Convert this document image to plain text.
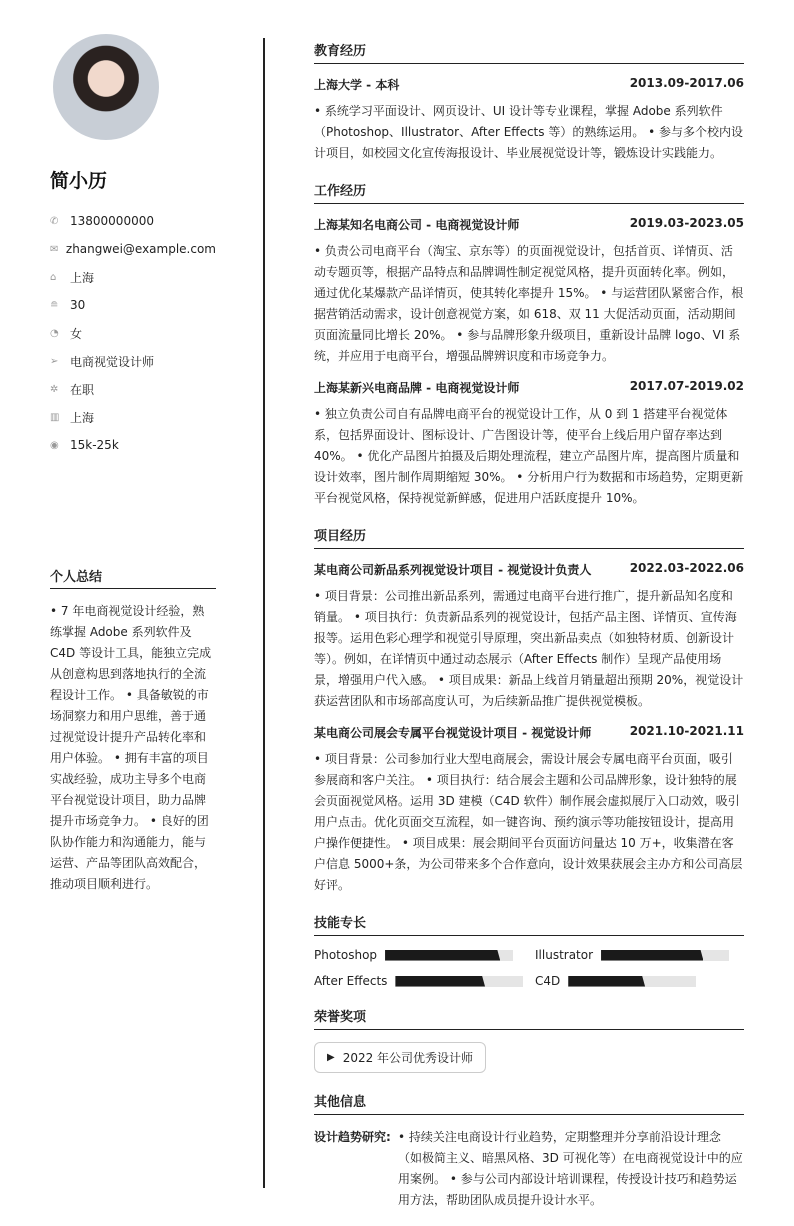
简小历
✆ 13800000000
✉ zhangwei@example.com
⌂	上海
≘ 30
◔ 女
➢ 电商视觉设计师
✲ 在职
▥ 上海
◉ 15k-25k
个人总结
• 7 年电商视觉设计经验，熟练掌握 Adobe 系列软件及 C4D 等设计工具，能独立完成从创意构思到落地执行的全流程设计工作。 • 具备敏锐的市场洞察力和用户思维，善于通过视觉设计提升产品转化率和用户体验。 • 拥有丰富的项目实战经验，成功主导多个电商平台视觉设计项目，助力品牌提升市场竞争力。 • 良好的团队协作能力和沟通能力，能与运营、产品等团队高效配合，推动项目顺利进行。
教育经历
上海大学 - 本科	2013.09-2017.06
• 系统学习平面设计、网页设计、UI 设计等专业课程，掌握 Adobe 系列软件（Photoshop、Illustrator、After Effects 等）的熟练运用。 • 参与多个校内设计项目，如校园文化宣传海报设计、毕业展视觉设计等，锻炼设计实践能力。
工作经历
上海某知名电商公司 - 电商视觉设计师	2019.03-2023.05
• 负责公司电商平台（淘宝、京东等）的页面视觉设计，包括首页、详情页、活动专题页等，根据产品特点和品牌调性制定视觉风格，提升页面转化率。例如，通过优化某爆款产品详情页，使其转化率提升 15%。 • 与运营团队紧密合作，根据营销活动需求，设计创意视觉方案，如 618、双 11 大促活动页面，活动期间页面流量同比增长 20%。 • 参与品牌形象升级项目，重新设计品牌 logo、VI 系统，并应用于电商平台，增强品牌辨识度和市场竞争力。
上海某新兴电商品牌 - 电商视觉设计师	2017.07-2019.02
• 独立负责公司自有品牌电商平台的视觉设计工作，从 0 到 1 搭建平台视觉体系，包括界面设计、图标设计、广告图设计等，使平台上线后用户留存率达到 40%。 • 优化产品图片拍摄及后期处理流程，建立产品图片库，提高图片质量和设计效率，图片制作周期缩短 30%。 • 分析用户行为数据和市场趋势，定期更新平台视觉风格，保持视觉新鲜感，促进用户活跃度提升 10%。
项目经历
某电商公司新品系列视觉设计项目 - 视觉设计负责人	2022.03-2022.06
• 项目背景：公司推出新品系列，需通过电商平台进行推广，提升新品知名度和销量。 • 项目执行：负责新品系列的视觉设计，包括产品主图、详情页、宣传海报等。运用色彩心理学和视觉引导原理，突出新品卖点（如独特材质、创新设计等）。例如，在详情页中通过动态展示（After Effects 制作）呈现产品使用场景，增强用户代入感。 • 项目成果：新品上线首月销量超出预期 20%，视觉设计获运营团队和市场部高度认可，为后续新品推广提供视觉模板。
某电商公司展会专属平台视觉设计项目 - 视觉设计师	2021.10-2021.11
• 项目背景：公司参加行业大型电商展会，需设计展会专属电商平台页面，吸引参展商和客户关注。 • 项目执行：结合展会主题和公司品牌形象，设计独特的展会页面视觉风格。运用 3D 建模（C4D 软件）制作展会虚拟展厅入口动效，吸引用户点击。优化页面交互流程，如一键咨询、预约演示等功能按钮设计，提高用户操作便捷性。 • 项目成果：展会期间平台页面访问量达 10 万+，收集潜在客户信息 5000+条，为公司带来多个合作意向，设计效果获展会主办方和公司高层好评。
技能专长
Photoshop	Illustrator
After Effects	C4D
荣誉奖项
▶ 2022 年公司优秀设计师
其他信息
设计趋势研究: • 持续关注电商设计行业趋势，定期整理并分享前沿设计理念（如极简主义、暗黑风格、3D 可视化等）在电商视觉设计中的应用案例。 • 参与公司内部设计培训课程，传授设计技巧和趋势运用方法，帮助团队成员提升设计水平。
